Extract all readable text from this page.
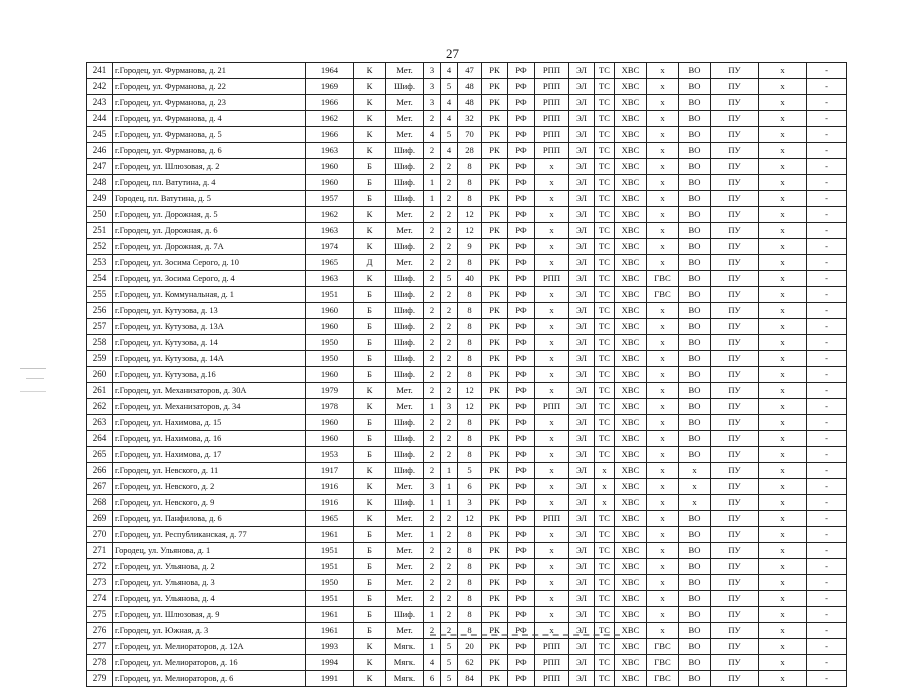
27
241	г.Городец, ул. Фурманова, д. 21	1964	К	Мет.	3	4	47	РК	РФ	РПП	ЭЛ	ТС	ХВС	х	ВО	ПУ	х	-
242	г.Городец, ул. Фурманова, д. 22	1969	К	Шиф.	3	5	48	РК	РФ	РПП	ЭЛ	ТС	ХВС	х	ВО	ПУ	х	-
243	г.Городец, ул. Фурманова, д. 23	1966	К	Мет.	3	4	48	РК	РФ	РПП	ЭЛ	ТС	ХВС	х	ВО	ПУ	х	-
244	г.Городец, ул. Фурманова, д. 4	1962	К	Мет.	2	4	32	РК	РФ	РПП	ЭЛ	ТС	ХВС	х	ВО	ПУ	х	-
245	г.Городец, ул. Фурманова, д. 5	1966	К	Мет.	4	5	70	РК	РФ	РПП	ЭЛ	ТС	ХВС	х	ВО	ПУ	х	-
246	г.Городец, ул. Фурманова, д. 6	1963	К	Шиф.	2	4	28	РК	РФ	РПП	ЭЛ	ТС	ХВС	х	ВО	ПУ	х	-
247	г.Городец, ул. Шлюзовая, д. 2	1960	Б	Шиф.	2	2	8	РК	РФ	х	ЭЛ	ТС	ХВС	х	ВО	ПУ	х	-
248	г.Городец, пл. Ватутина, д. 4	1960	Б	Шиф.	1	2	8	РК	РФ	х	ЭЛ	ТС	ХВС	х	ВО	ПУ	х	-
249	Городец, пл. Ватутина, д. 5	1957	Б	Шиф.	1	2	8	РК	РФ	х	ЭЛ	ТС	ХВС	х	ВО	ПУ	х	-
250	г.Городец, ул. Дорожная, д. 5	1962	К	Мет.	2	2	12	РК	РФ	х	ЭЛ	ТС	ХВС	х	ВО	ПУ	х	-
251	г.Городец, ул. Дорожная, д. 6	1963	К	Мет.	2	2	12	РК	РФ	х	ЭЛ	ТС	ХВС	х	ВО	ПУ	х	-
252	г.Городец, ул. Дорожная, д. 7А	1974	К	Шиф.	2	2	9	РК	РФ	х	ЭЛ	ТС	ХВС	х	ВО	ПУ	х	-
253	г.Городец, ул. Зосима Серого, д. 10	1965	Д	Мет.	2	2	8	РК	РФ	х	ЭЛ	ТС	ХВС	х	ВО	ПУ	х	-
254	г.Городец, ул. Зосима Серого, д. 4	1963	К	Шиф.	2	5	40	РК	РФ	РПП	ЭЛ	ТС	ХВС	ГВС	ВО	ПУ	х	-
255	г.Городец, ул. Коммунальная, д. 1	1951	Б	Шиф.	2	2	8	РК	РФ	х	ЭЛ	ТС	ХВС	ГВС	ВО	ПУ	х	-
256	г.Городец, ул. Кутузова, д. 13	1960	Б	Шиф.	2	2	8	РК	РФ	х	ЭЛ	ТС	ХВС	х	ВО	ПУ	х	-
257	г.Городец, ул. Кутузова, д. 13А	1960	Б	Шиф.	2	2	8	РК	РФ	х	ЭЛ	ТС	ХВС	х	ВО	ПУ	х	-
258	г.Городец, ул. Кутузова, д. 14	1950	Б	Шиф.	2	2	8	РК	РФ	х	ЭЛ	ТС	ХВС	х	ВО	ПУ	х	-
259	г.Городец, ул. Кутузова, д. 14А	1950	Б	Шиф.	2	2	8	РК	РФ	х	ЭЛ	ТС	ХВС	х	ВО	ПУ	х	-
260	г.Городец, ул. Кутузова, д.16	1960	Б	Шиф.	2	2	8	РК	РФ	х	ЭЛ	ТС	ХВС	х	ВО	ПУ	х	-
261	г.Городец, ул. Механизаторов, д. 30А	1979	К	Мет.	2	2	12	РК	РФ	х	ЭЛ	ТС	ХВС	х	ВО	ПУ	х	-
262	г.Городец, ул. Механизаторов, д. 34	1978	К	Мет.	1	3	12	РК	РФ	РПП	ЭЛ	ТС	ХВС	х	ВО	ПУ	х	-
263	г.Городец, ул. Нахимова, д. 15	1960	Б	Шиф.	2	2	8	РК	РФ	х	ЭЛ	ТС	ХВС	х	ВО	ПУ	х	-
264	г.Городец, ул. Нахимова, д. 16	1960	Б	Шиф.	2	2	8	РК	РФ	х	ЭЛ	ТС	ХВС	х	ВО	ПУ	х	-
265	г.Городец, ул. Нахимова, д. 17	1953	Б	Шиф.	2	2	8	РК	РФ	х	ЭЛ	ТС	ХВС	х	ВО	ПУ	х	-
266	г.Городец, ул. Невского, д. 11	1917	К	Шиф.	2	1	5	РК	РФ	х	ЭЛ	х	ХВС	х	х	ПУ	х	-
267	г.Городец, ул. Невского, д. 2	1916	К	Мет.	3	1	6	РК	РФ	х	ЭЛ	х	ХВС	х	х	ПУ	х	-
268	г.Городец, ул. Невского, д. 9	1916	К	Шиф.	1	1	3	РК	РФ	х	ЭЛ	х	ХВС	х	х	ПУ	х	-
269	г.Городец, ул. Панфилова, д. 6	1965	К	Мет.	2	2	12	РК	РФ	РПП	ЭЛ	ТС	ХВС	х	ВО	ПУ	х	-
270	г.Городец, ул. Республиканская, д. 77	1961	Б	Мет.	1	2	8	РК	РФ	х	ЭЛ	ТС	ХВС	х	ВО	ПУ	х	-
271	Городец, ул. Ульянова, д. 1	1951	Б	Мет.	2	2	8	РК	РФ	х	ЭЛ	ТС	ХВС	х	ВО	ПУ	х	-
272	г.Городец, ул. Ульянова, д. 2	1951	Б	Мет.	2	2	8	РК	РФ	х	ЭЛ	ТС	ХВС	х	ВО	ПУ	х	-
273	г.Городец, ул. Ульянова, д. 3	1950	Б	Мет.	2	2	8	РК	РФ	х	ЭЛ	ТС	ХВС	х	ВО	ПУ	х	-
274	г.Городец, ул. Ульянова, д. 4	1951	Б	Мет.	2	2	8	РК	РФ	х	ЭЛ	ТС	ХВС	х	ВО	ПУ	х	-
275	г.Городец, ул. Шлюзовая, д. 9	1961	Б	Шиф.	1	2	8	РК	РФ	х	ЭЛ	ТС	ХВС	х	ВО	ПУ	х	-
276	г.Городец, ул. Южная, д. 3	1961	Б	Мет.	2	2	8	РК	РФ	х	ЭЛ	ТС	ХВС	х	ВО	ПУ	х	-
277	г.Городец, ул. Мелиораторов, д. 12А	1993	К	Мягк.	1	5	20	РК	РФ	РПП	ЭЛ	ТС	ХВС	ГВС	ВО	ПУ	х	-
278	г.Городец, ул. Мелиораторов, д. 16	1994	К	Мягк.	4	5	62	РК	РФ	РПП	ЭЛ	ТС	ХВС	ГВС	ВО	ПУ	х	-
279	г.Городец, ул. Мелиораторов, д. 6	1991	К	Мягк.	6	5	84	РК	РФ	РПП	ЭЛ	ТС	ХВС	ГВС	ВО	ПУ	х	-
